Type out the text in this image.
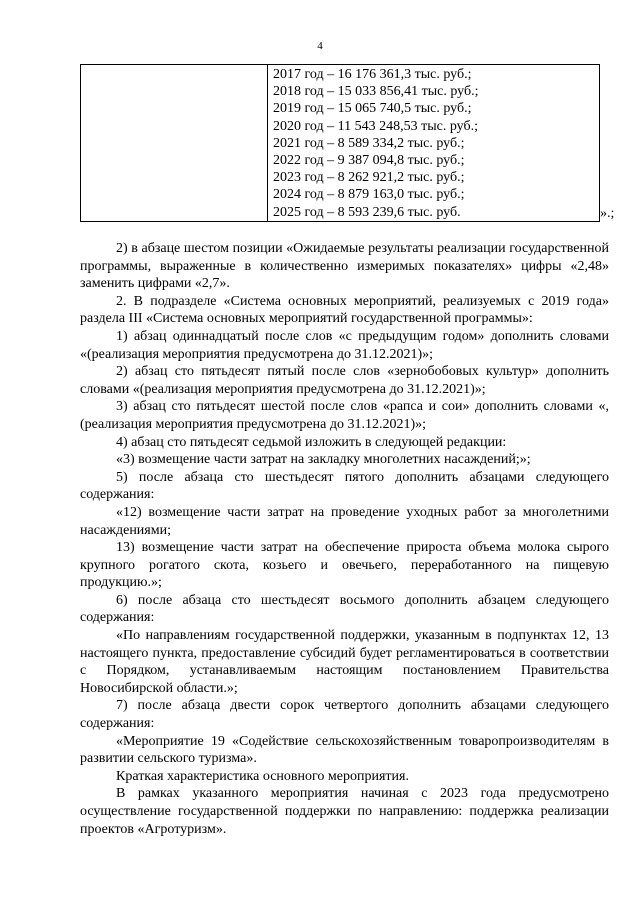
4
2017 год – 16 176 361,3 тыс. руб.;
2018 год – 15 033 856,41 тыс. руб.;
2019 год – 15 065 740,5 тыс. руб.;
2020 год – 11 543 248,53 тыс. руб.;
2021 год – 8 589 334,2 тыс. руб.;
2022 год – 9 387 094,8 тыс. руб.;
2023 год – 8 262 921,2 тыс. руб.;
2024 год – 8 879 163,0 тыс. руб.;
2025 год – 8 593 239,6 тыс. руб.	».;

2) в абзаце шестом позиции «Ожидаемые результаты реализации государственной программы, выраженные в количественно измеримых показателях» цифры «2,48» заменить цифрами «2,7».

2. В подразделе «Система основных мероприятий, реализуемых с 2019 года» раздела III «Система основных мероприятий государственной программы»:

1) абзац одиннадцатый после слов «с предыдущим годом» дополнить словами «(реализация мероприятия предусмотрена до 31.12.2021)»;

2) абзац сто пятьдесят пятый после слов «зернобобовых культур» дополнить словами «(реализация мероприятия предусмотрена до 31.12.2021)»;

3) абзац сто пятьдесят шестой после слов «рапса и сои» дополнить словами «, (реализация мероприятия предусмотрена до 31.12.2021)»;

4) абзац сто пятьдесят седьмой изложить в следующей редакции:

«3) возмещение части затрат на закладку многолетних насаждений;»;

5) после абзаца сто шестьдесят пятого дополнить абзацами следующего содержания:

«12) возмещение части затрат на проведение уходных работ за многолетними насаждениями;

13) возмещение части затрат на обеспечение прироста объема молока сырого крупного рогатого скота, козьего и овечьего, переработанного на пищевую продукцию.»;

6) после абзаца сто шестьдесят восьмого дополнить абзацем следующего содержания:

«По направлениям государственной поддержки, указанным в подпунктах 12, 13 настоящего пункта, предоставление субсидий будет регламентироваться в соответствии с Порядком, устанавливаемым настоящим постановлением Правительства Новосибирской области.»;

7) после абзаца двести сорок четвертого дополнить абзацами следующего содержания:

«Мероприятие 19 «Содействие сельскохозяйственным товаропроизводителям в развитии сельского туризма».

Краткая характеристика основного мероприятия.

В рамках указанного мероприятия начиная с 2023 года предусмотрено осуществление государственной поддержки по направлению: поддержка реализации проектов «Агротуризм».
